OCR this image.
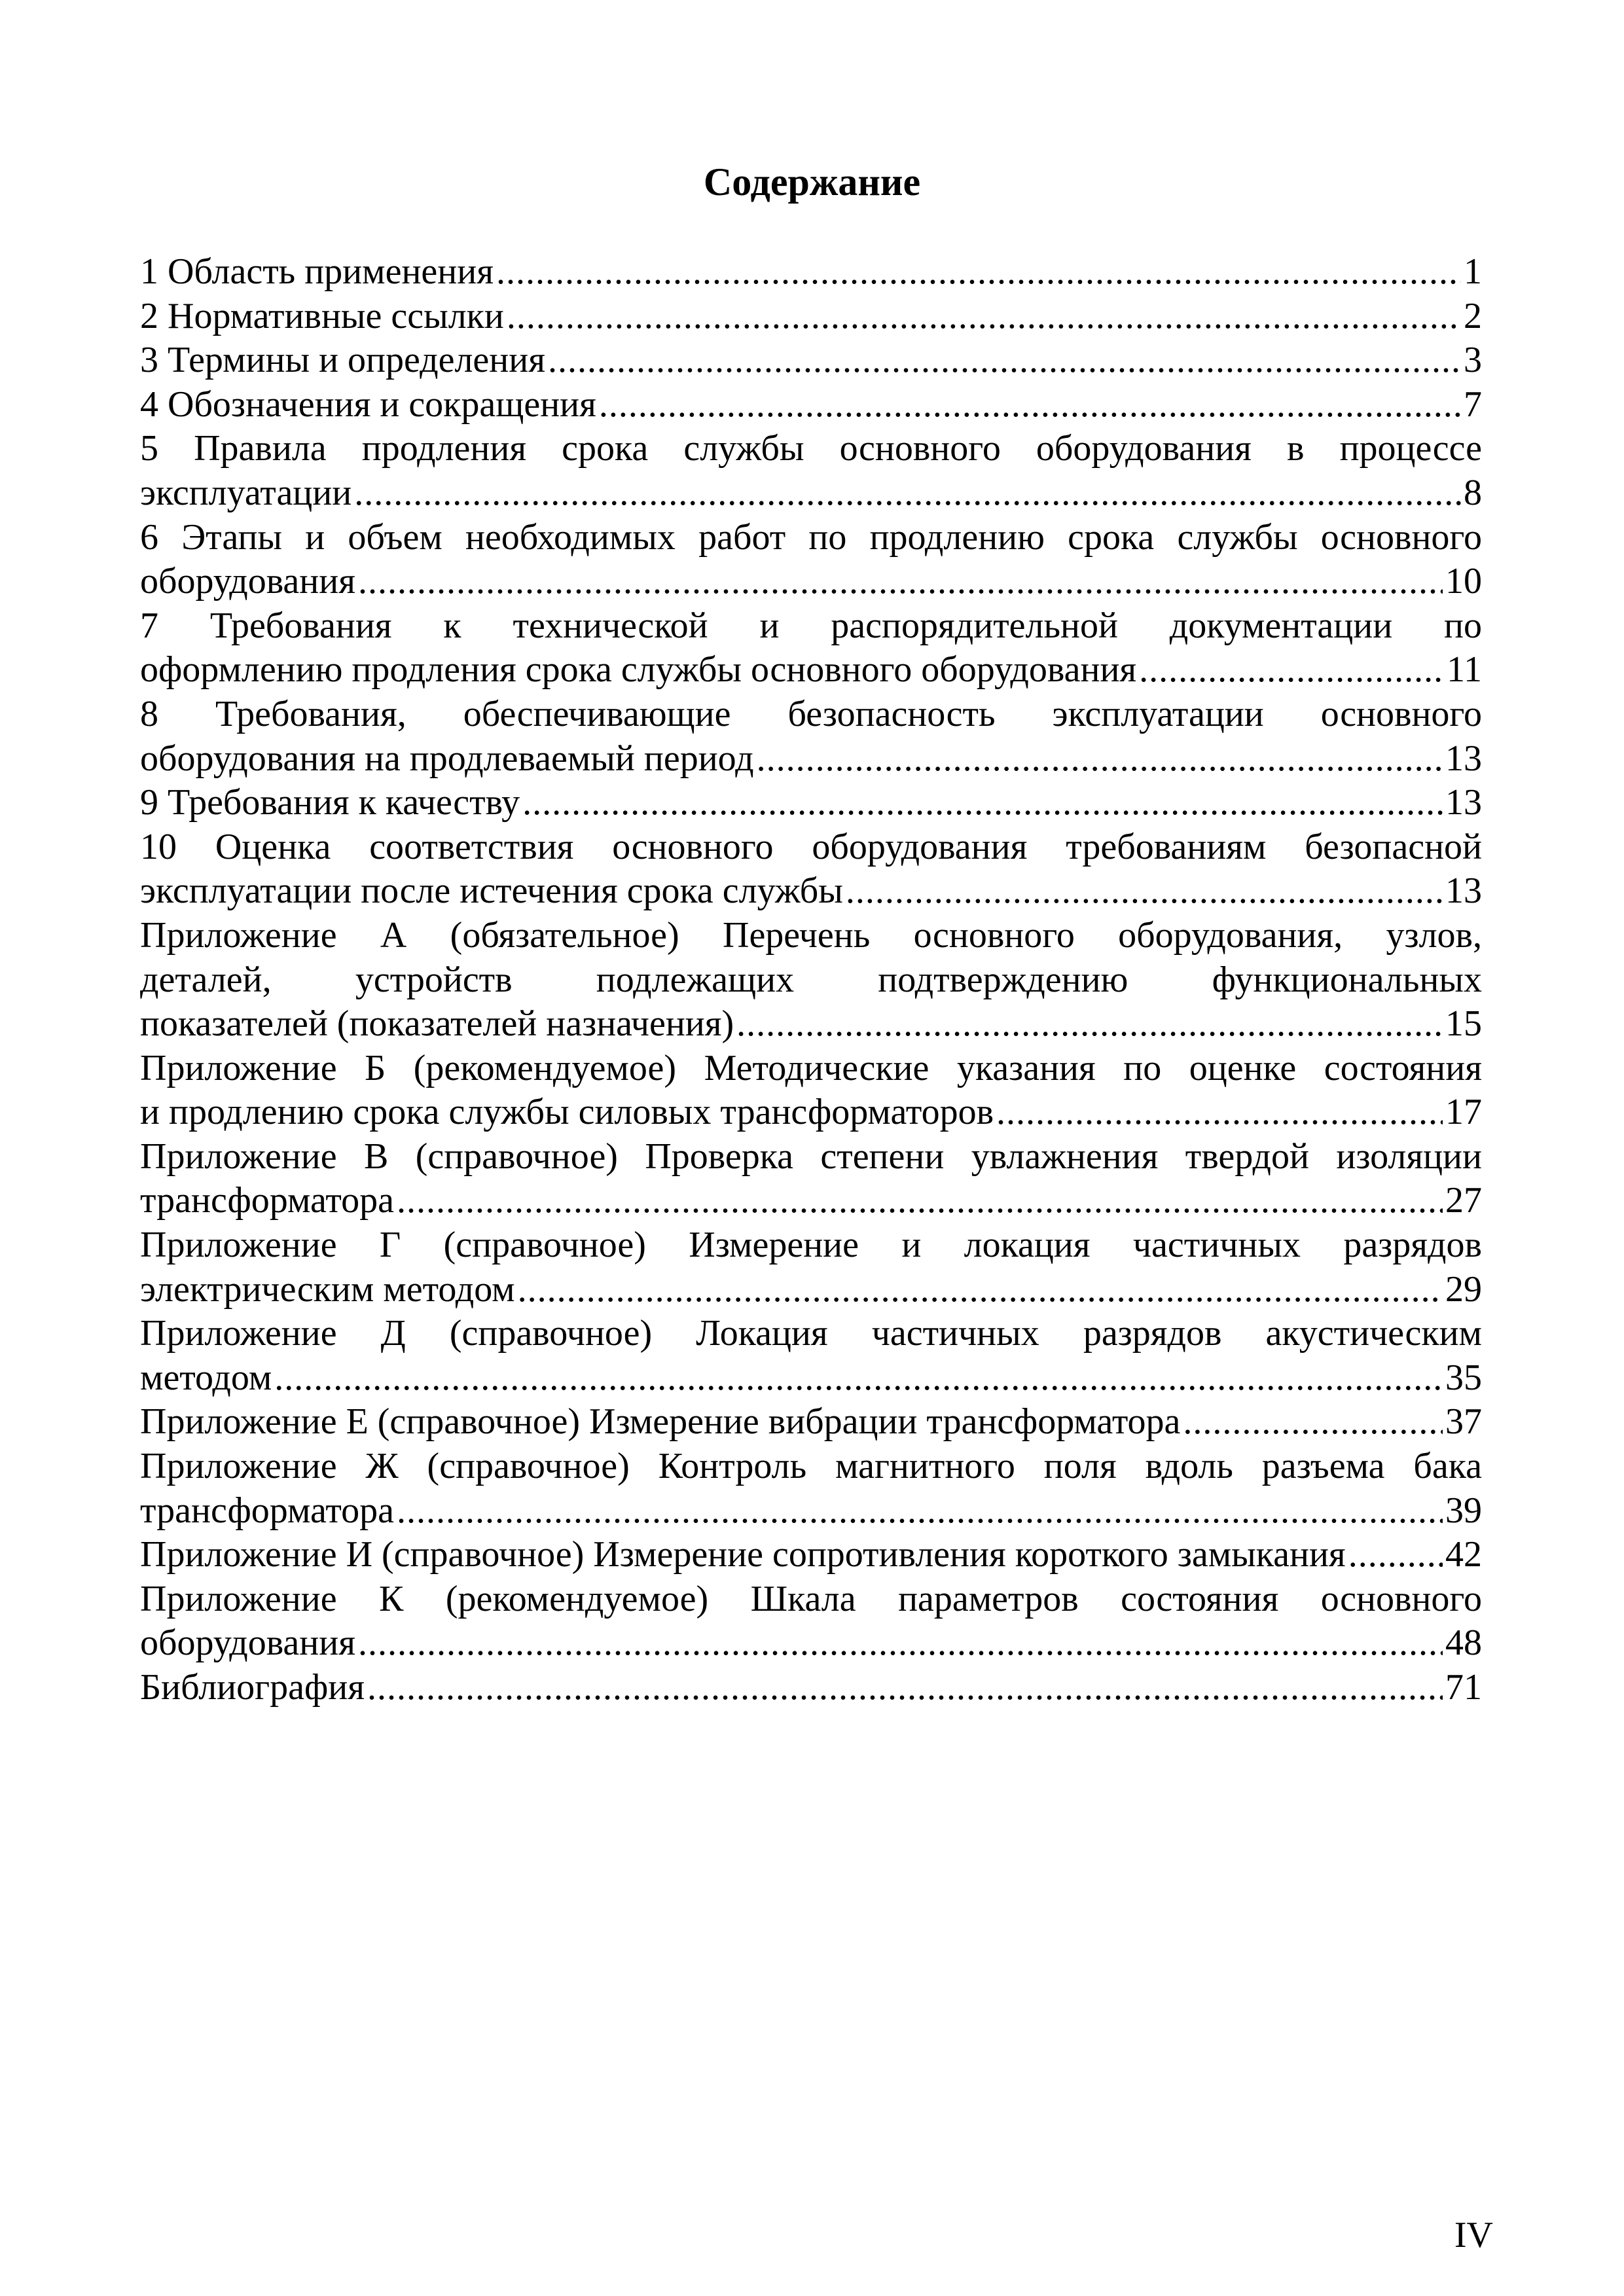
Содержание
1 Область применения .....	1
2 Нормативные ссылки .....	2
3 Термины и определения .....	3
4 Обозначения и сокращения .....	7
5 Правила продления срока службы основного оборудования в процессе
эксплуатации .....	8
6 Этапы и объем необходимых работ по продлению срока службы основного
оборудования .....	10
7 Требования к технической и распорядительной документации по
оформлению продления срока службы основного оборудования .....	11
8 Требования, обеспечивающие безопасность эксплуатации основного
оборудования на продлеваемый период .....	13
9 Требования к качеству .....	13
10 Оценка соответствия основного оборудования требованиям безопасной
эксплуатации после истечения срока службы .....	13
Приложение А (обязательное) Перечень основного оборудования, узлов,
деталей, устройств подлежащих подтверждению функциональных
показателей (показателей назначения) .....	15
Приложение Б (рекомендуемое) Методические указания по оценке состояния
и продлению срока службы силовых трансформаторов .....	17
Приложение В (справочное) Проверка степени увлажнения твердой изоляции
трансформатора .....	27
Приложение Г (справочное) Измерение и локация частичных разрядов
электрическим методом .....	29
Приложение Д (справочное) Локация частичных разрядов акустическим
методом .....	35
Приложение Е (справочное) Измерение вибрации трансформатора .....	37
Приложение Ж (справочное) Контроль магнитного поля вдоль разъема бака
трансформатора .....	39
Приложение И (справочное) Измерение сопротивления короткого замыкания .....	42
Приложение К (рекомендуемое) Шкала параметров состояния основного
оборудования .....	48
Библиография .....	71
IV
